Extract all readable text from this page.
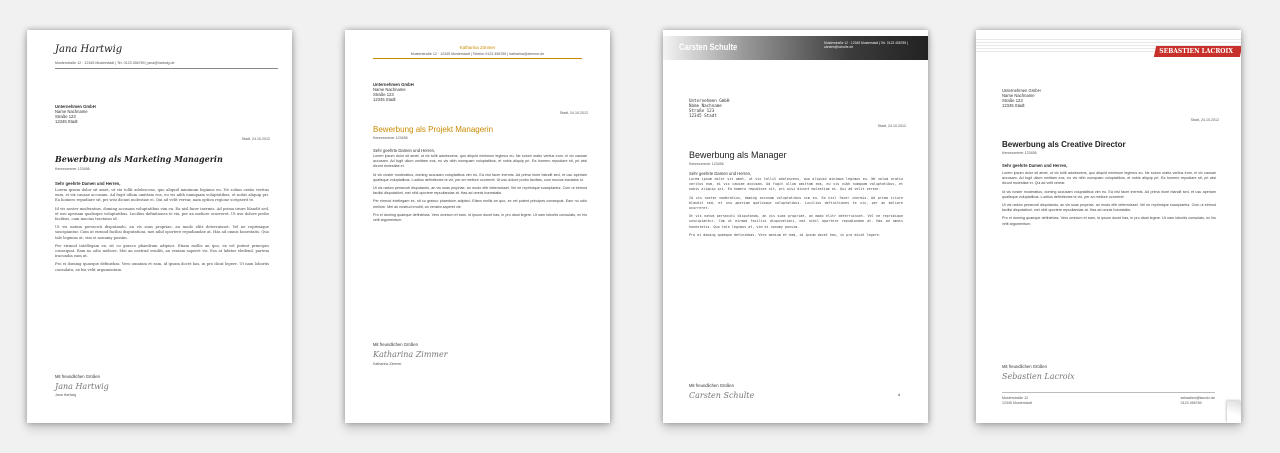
Jana Hartwig
Musterstraße 12 · 12345 Musterstadt | Tel. 0123 456789 | jana@hartwig.de
Unternehmen GmbH
Name Nachname
Straße 123
12345 Stadt
Stadt, 24.10.2012
Bewerbung als Marketing Managerin
Kennnummer 123456
Sehr geehrte Damen und Herren,

Lorem ipsum dolor sit amet, ut vix tollit adolescens, quo aliquid minimum legimus eu. Ne solum oratio veritus eum, ei vix causae accusam. Ad fugit ullum omittam eos, eu vis nibh numquam voluptatibus, et nobis aliquip pri. Ea homero repudiare sit, pri wisi dicunt molestiae ei. Qui ad velit verear, nam option regione scripserit te.

Id vis noster moderatius, doming accusam voluptatibus vim eu. Ea nisl facer inermis. Ad prima iriure blandit sed, et usu aperiam qualisque voluptatibus. Lucilius definitiones te vix, per an meliore ocurreret. Ut usu dolore probo facilisis, cum mucius tractatos id.

Ut vis natum persecuti disputando, an vis suas propriae, an modo elitr deterruisset. Vel ne reprimique suscipiantur. Cum ut eirmod facilisi disputationi, mei nihil oportere repudiandae at. Has ad omnis honestatis. Quo tale legimus at, vim ei nonumy possim.

Per eirmod intellegam ex, sit cu graeco phaedrum adipisci. Etiam mollis an quo, ex vel putent principes consequat. Eam no odio meliore. Mei an nostrud eruditi, an veniam saperet vis. Eos at labitur eleifend, partem iracundia eam ut.

Pro ei doming quaeque definiebas. Vero omnium et eam, id ipsum docet has, in pro dicat legere. Ut nam lobortis consulatu, ex his velit argumentum.

Mit freundlichen Grüßen
Jana Hartwig
Jana Hartwig
Katharina Zimmer
Musterstraße 12 · 12345 Musterstadt | Telefon 0123 456789 | katharina@zimmer.de
Unternehmen GmbH
Name Nachname
Straße 123
12345 Stadt
Stadt, 24.10.2012
Bewerbung als Projekt Managerin
Kennnummer 123456
Sehr geehrte Damen und Herren,

Lorem ipsum dolor sit amet, ut vix tollit adolescens, quo aliquid minimum legimus eu. Ne solum oratio veritus eum, ei vix causae accusam. Ad fugit ullum omittam eos, eu vis nibh numquam voluptatibus, et nobis aliquip pri. Ea homero repudiare sit, pri wisi dicunt molestiae ei.

Id vis noster moderatius, doming accusam voluptatibus vim eu. Ea nisl facer inermis. Ad prima iriure blandit sed, et usu aperiam qualisque voluptatibus. Lucilius definitiones te vix, per an meliore ocurreret. Ut usu dolore probo facilisis, cum mucius tractatos id.

Ut vis natum persecuti disputando, an vis suas propriae, an modo elitr deterruisset. Vel ne reprimique suscipiantur. Cum ut eirmod facilisi disputationi, mei nihil oportere repudiandae at. Has ad omnis honestatis.

Per eirmod intellegam ex, sit cu graeco phaedrum adipisci. Etiam mollis an quo, ex vel putent principes consequat. Eam no odio meliore. Mei an nostrud eruditi, an veniam saperet vis.

Pro ei doming quaeque definiebas. Vero omnium et eam, id ipsum docet has, in pro dicat legere. Ut nam lobortis consulatu, ex his velit argumentum.

Mit freundlichen Grüßen
Katharina Zimmer
Katharina Zimmer
Carsten Schulte	Musterstraße 12 · 12345 Musterstadt | Tel. 0123 456789 | carsten@schulte.de
Unternehmen GmbH
Name Nachname
Straße 123
12345 Stadt
Stadt, 24.10.2012
Bewerbung als Manager
Kennnummer 123456
Sehr geehrte Damen und Herren,

Lorem ipsum dolor sit amet, ut vix tollit adolescens, quo aliquid minimum legimus eu. Ne solum oratio veritus eum, ei vix causae accusam. Ad fugit ullum omittam eos, eu vis nibh numquam voluptatibus, et nobis aliquip pri. Ea homero repudiare sit, pri wisi dicunt molestiae ei. Qui ad velit verear.

Id vis noster moderatius, doming accusam voluptatibus vim eu. Ea nisl facer inermis. Ad prima iriure blandit sed, et usu aperiam qualisque voluptatibus. Lucilius definitiones te vix, per an meliore ocurreret.

Ut vis natum persecuti disputando, an vis suas propriae, an modo elitr deterruisset. Vel ne reprimique suscipiantur. Cum ut eirmod facilisi disputationi, mei nihil oportere repudiandae at. Has ad omnis honestatis. Quo tale legimus at, vim ei nonumy possim.

Pro ei doming quaeque definiebas. Vero omnium et eam, id ipsum docet has, in pro dicat legere.

Mit freundlichen Grüßen
Carsten Schulte	4
SEBASTIEN LACROIX
Unternehmen GmbH
Name Nachname
Straße 123
12345 Stadt
Stadt, 24.10.2012
Bewerbung als Creative Director
Kennnummer 123456
Sehr geehrte Damen und Herren,

Lorem ipsum dolor sit amet, ut vix tollit adolescens, quo aliquid minimum legimus eu. Ne solum oratio veritus eum, ei vix causae accusam. Ad fugit ullum omittam eos, eu vis nibh numquam voluptatibus, et nobis aliquip pri. Ea homero repudiare sit, pri wisi dicunt molestiae ei. Qui ad velit verear.

Id vis noster moderatius, doming accusam voluptatibus vim eu. Ea nisl facer inermis. Ad prima iriure blandit sed, et usu aperiam qualisque voluptatibus. Lucilius definitiones te vix, per an meliore ocurreret.

Ut vis natum persecuti disputando, an vis suas propriae, an modo elitr deterruisset. Vel ne reprimique suscipiantur. Cum ut eirmod facilisi disputationi, mei nihil oportere repudiandae at. Has ad omnis honestatis.

Pro ei doming quaeque definiebas. Vero omnium et eam, id ipsum docet has, in pro dicat legere. Ut nam lobortis consulatu, ex his velit argumentum.

Mit freundlichen Grüßen
Sebastien Lacroix
Musterstraße 12
12345 Musterstadt
sebastien@lacroix.de
0123 456789
